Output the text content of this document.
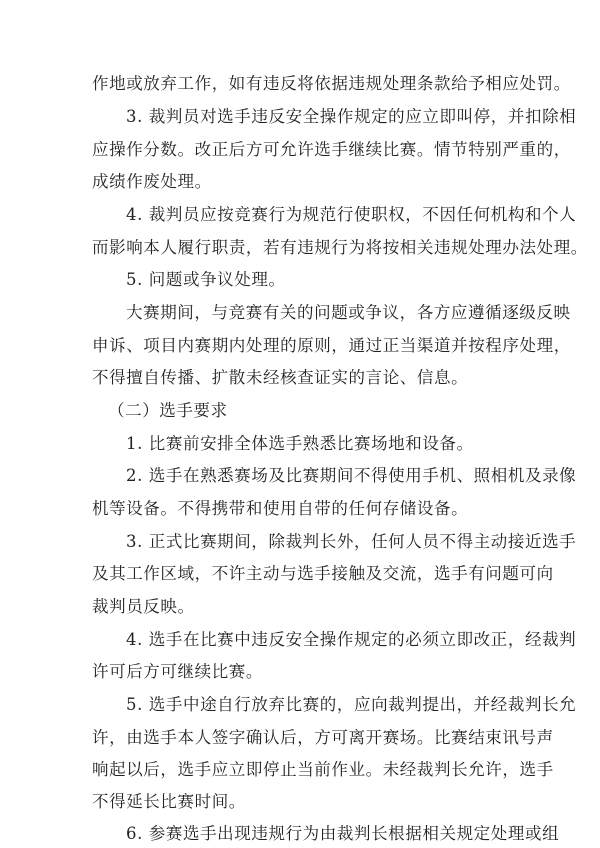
作地或放弃工作，如有违反将依据违规处理条款给予相应处罚。
3. 裁判员对选手违反安全操作规定的应立即叫停，并扣除相
应操作分数。改正后方可允许选手继续比赛。情节特别严重的，
成绩作废处理。
4. 裁判员应按竞赛行为规范行使职权，不因任何机构和个人
而影响本人履行职责，若有违规行为将按相关违规处理办法处理。
5. 问题或争议处理。
大赛期间，与竞赛有关的问题或争议，各方应遵循逐级反映
申诉、项目内赛期内处理的原则，通过正当渠道并按程序处理，
不得擅自传播、扩散未经核查证实的言论、信息。
（二）选手要求
1. 比赛前安排全体选手熟悉比赛场地和设备。
2. 选手在熟悉赛场及比赛期间不得使用手机、照相机及录像
机等设备。不得携带和使用自带的任何存储设备。
3. 正式比赛期间，除裁判长外，任何人员不得主动接近选手
及其工作区域，不许主动与选手接触及交流，选手有问题可向
裁判员反映。
4. 选手在比赛中违反安全操作规定的必须立即改正，经裁判
许可后方可继续比赛。
5. 选手中途自行放弃比赛的，应向裁判提出，并经裁判长允
许，由选手本人签字确认后，方可离开赛场。比赛结束讯号声
响起以后，选手应立即停止当前作业。未经裁判长允许，选手
不得延长比赛时间。
6. 参赛选手出现违规行为由裁判长根据相关规定处理或组
